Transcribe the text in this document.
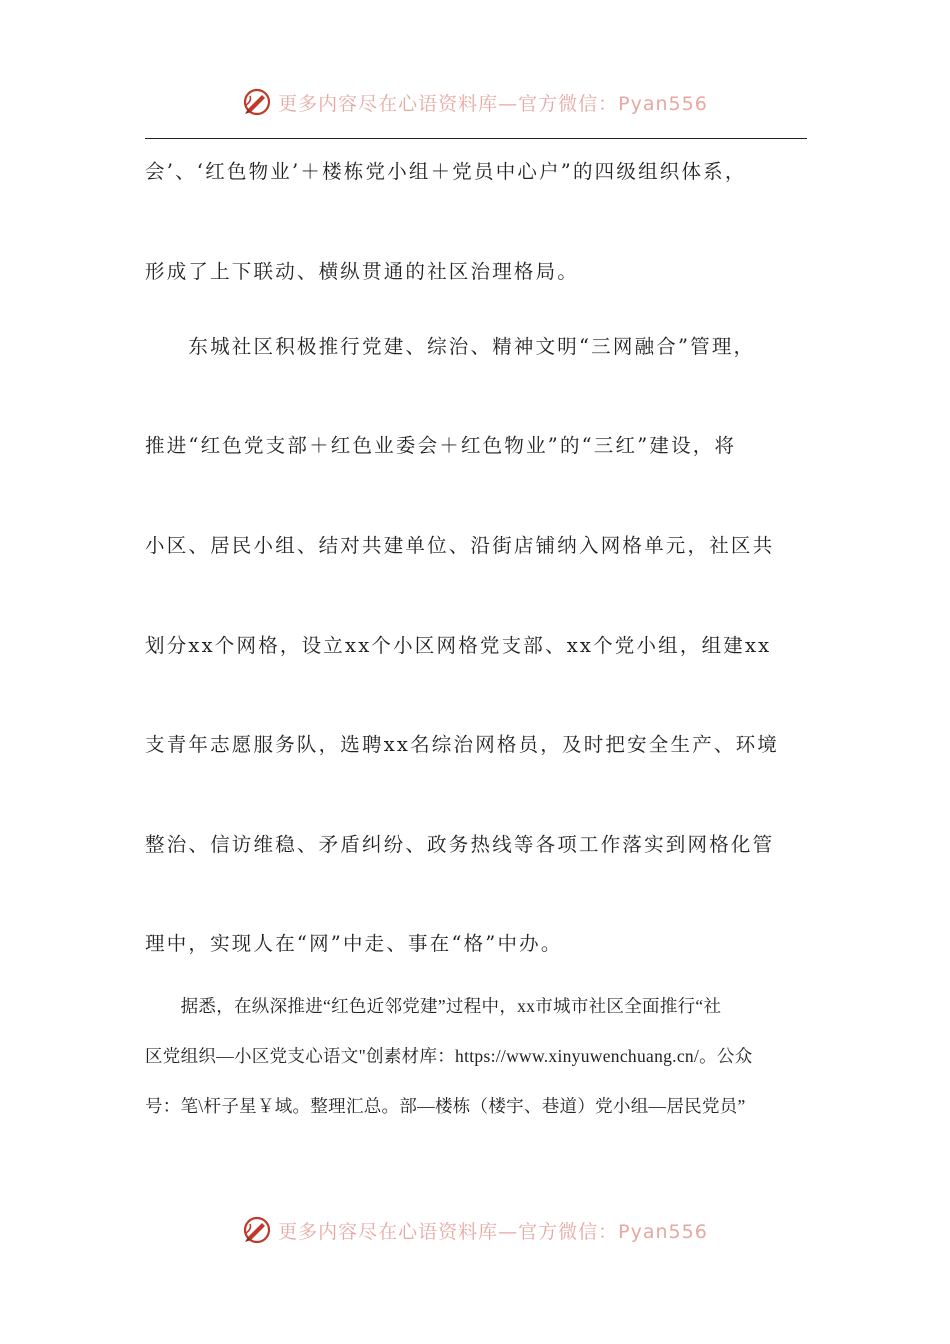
更多内容尽在心语资料库—官方微信：Pyan556
会’、‘红色物业’＋楼栋党小组＋党员中心户”的四级组织体系，
形成了上下联动、横纵贯通的社区治理格局。
　　东城社区积极推行党建、综治、精神文明“三网融合”管理，
推进“红色党支部＋红色业委会＋红色物业”的“三红”建设，将
小区、居民小组、结对共建单位、沿街店铺纳入网格单元，社区共
划分xx个网格，设立xx个小区网格党支部、xx个党小组，组建xx
支青年志愿服务队，选聘xx名综治网格员，及时把安全生产、环境
整治、信访维稳、矛盾纠纷、政务热线等各项工作落实到网格化管
理中，实现人在“网”中走、事在“格”中办。
　　据悉，在纵深推进“红色近邻党建”过程中，xx市城市社区全面推行“社
区党组织—小区党支心语文"创素材库：https://www.xinyuwenchuang.cn/。公众
号：笔\杆子星￥域。整理汇总。部—楼栋（楼宇、巷道）党小组—居民党员”
更多内容尽在心语资料库—官方微信：Pyan556
